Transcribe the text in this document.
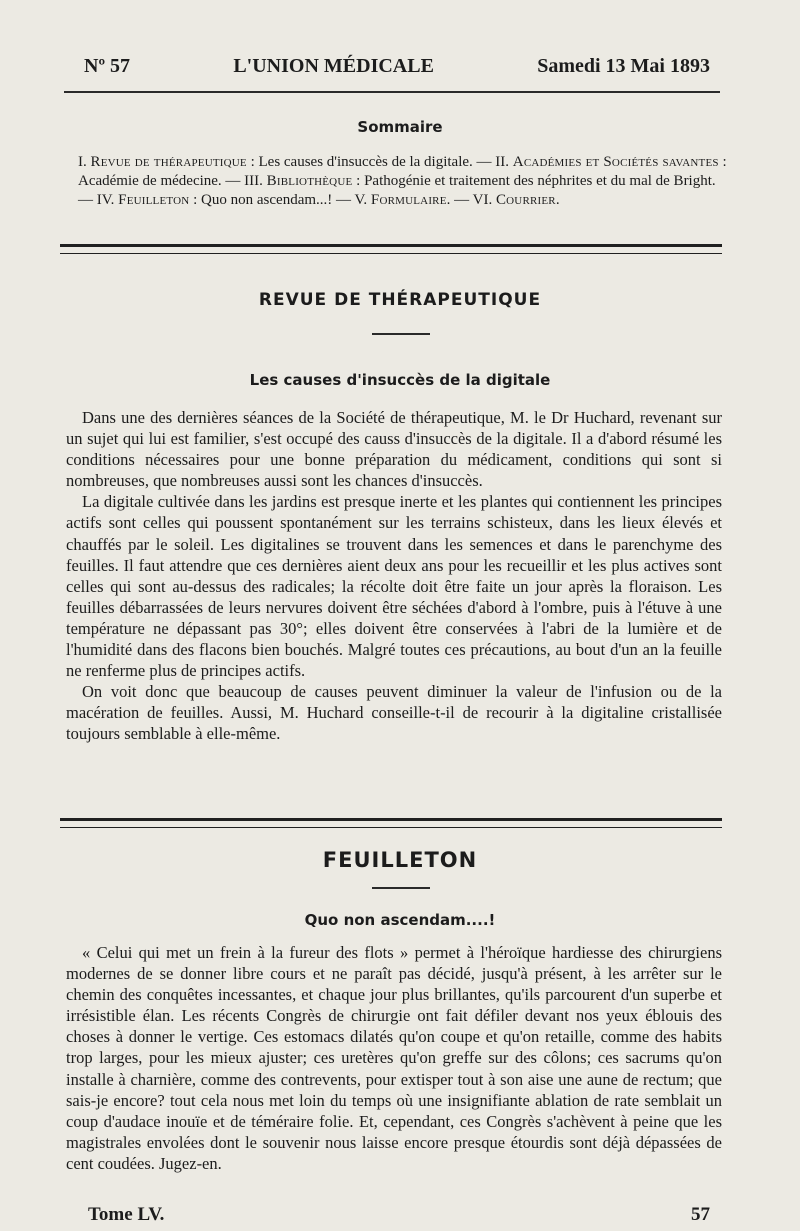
Nº 57	L'UNION MÉDICALE	Samedi 13 Mai 1893
Sommaire
I. Revue de thérapeutique : Les causes d'insuccès de la digitale. — II. Académies et Sociétés savantes : Académie de médecine. — III. Bibliothèque : Pathogénie et traitement des néphrites et du mal de Bright. — IV. Feuilleton : Quo non ascendam...! — V. Formulaire. — VI. Courrier.
REVUE DE THÉRAPEUTIQUE
Les causes d'insuccès de la digitale

Dans une des dernières séances de la Société de thérapeutique, M. le Dr Huchard, revenant sur un sujet qui lui est familier, s'est occupé des causs d'insuccès de la digitale. Il a d'abord résumé les conditions nécessaires pour une bonne préparation du médicament, conditions qui sont si nombreuses, que nombreuses aussi sont les chances d'insuccès.

La digitale cultivée dans les jardins est presque inerte et les plantes qui contiennent les principes actifs sont celles qui poussent spontanément sur les terrains schisteux, dans les lieux élevés et chauffés par le soleil. Les digitalines se trouvent dans les semences et dans le parenchyme des feuilles. Il faut attendre que ces dernières aient deux ans pour les recueillir et les plus actives sont celles qui sont au-dessus des radicales; la récolte doit être faite un jour après la floraison. Les feuilles débarrassées de leurs nervures doivent être séchées d'abord à l'ombre, puis à l'étuve à une température ne dépassant pas 30°; elles doivent être conservées à l'abri de la lumière et de l'humidité dans des flacons bien bouchés. Malgré toutes ces précautions, au bout d'un an la feuille ne renferme plus de principes actifs.

On voit donc que beaucoup de causes peuvent diminuer la valeur de l'infusion ou de la macération de feuilles. Aussi, M. Huchard conseille-t-il de recourir à la digitaline cristallisée toujours semblable à elle-même.

FEUILLETON
Quo non ascendam....!

« Celui qui met un frein à la fureur des flots » permet à l'héroïque hardiesse des chirurgiens modernes de se donner libre cours et ne paraît pas décidé, jusqu'à présent, à les arrêter sur le chemin des conquêtes incessantes, et chaque jour plus brillantes, qu'ils parcourent d'un superbe et irrésistible élan. Les récents Congrès de chirurgie ont fait défiler devant nos yeux éblouis des choses à donner le vertige. Ces estomacs dilatés qu'on coupe et qu'on retaille, comme des habits trop larges, pour les mieux ajuster; ces uretères qu'on greffe sur des côlons; ces sacrums qu'on installe à charnière, comme des contrevents, pour extisper tout à son aise une aune de rectum; que sais-je encore? tout cela nous met loin du temps où une insignifiante ablation de rate semblait un coup d'audace inouïe et de téméraire folie. Et, cependant, ces Congrès s'achèvent à peine que les magistrales envolées dont le souvenir nous laisse encore presque étourdis sont déjà dépassées de cent coudées. Jugez-en.

Tome LV.	57
